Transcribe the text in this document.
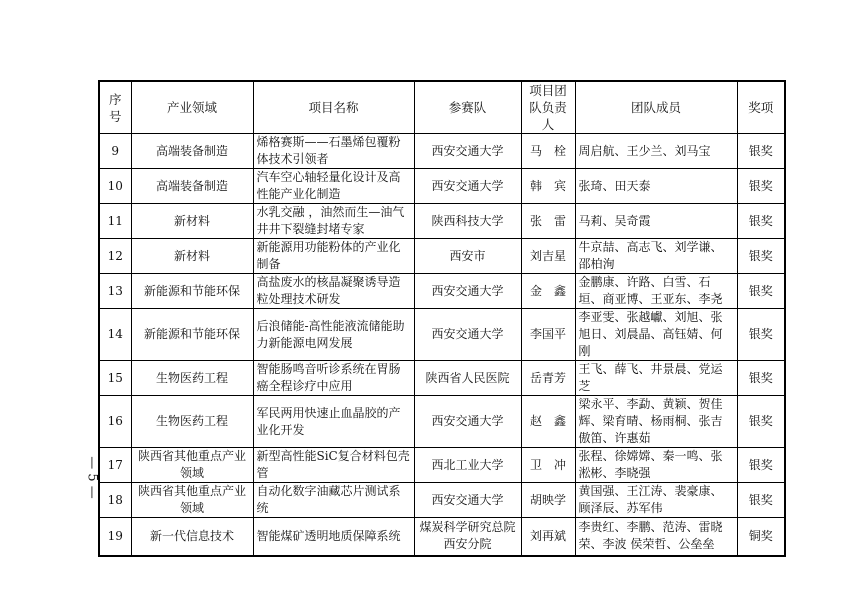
序号	产业领域	项目名称	参赛队	项目团队负责人	团队成员	奖项
9	高端装备制造	烯格赛斯——石墨烯包覆粉体技术引领者	西安交通大学	马　栓	周启航、王少兰、刘马宝	银奖
10	高端装备制造	汽车空心轴轻量化设计及高性能产业化制造	西安交通大学	韩　宾	张琦、田天泰	银奖
11	新材料	水乳交融 ，油然而生—油气井井下裂缝封堵专家	陕西科技大学	张　雷	马莉、吴奇霞	银奖
12	新材料	新能源用功能粉体的产业化制备	西安市	刘吉星	牛京喆、高志飞、刘学谦、邵柏洵	银奖
13	新能源和节能环保	高盐废水的核晶凝聚诱导造粒处理技术研发	西安交通大学	金　鑫	金鹏康、许路、白雪、石垣、商亚博、王亚东、李尧	银奖
14	新能源和节能环保	后浪储能-高性能液流储能助力新能源电网发展	西安交通大学	李国平	李亚雯、张越巘、刘旭、张旭日、刘晨晶、高钰婧、何刚	银奖
15	生物医药工程	智能肠鸣音听诊系统在胃肠癌全程诊疗中应用	陕西省人民医院	岳青芳	王飞、薛飞、井景晨、党运芝	银奖
16	生物医药工程	军民两用快速止血晶胶的产业化开发	西安交通大学	赵　鑫	梁永平、李勐、黄颖、贺佳辉、梁育晴、杨雨桐、张吉傲笛、许惠茹	银奖
17	陕西省其他重点产业领域	新型高性能SiC复合材料包壳管	西北工业大学	卫　冲	张程、徐嫦嫦、秦一鸣、张淞彬、李晓强	银奖
18	陕西省其他重点产业领域	自动化数字油藏芯片测试系统	西安交通大学	胡映学	黄国强、王江涛、裴豪康、顾泽辰、苏军伟	银奖
19	新一代信息技术	智能煤矿透明地质保障系统	煤炭科学研究总院西安分院	刘再斌	李贵红、李鹏、范涛、雷晓荣、李波 侯荣哲、公垒垒	铜奖
— 5 —
